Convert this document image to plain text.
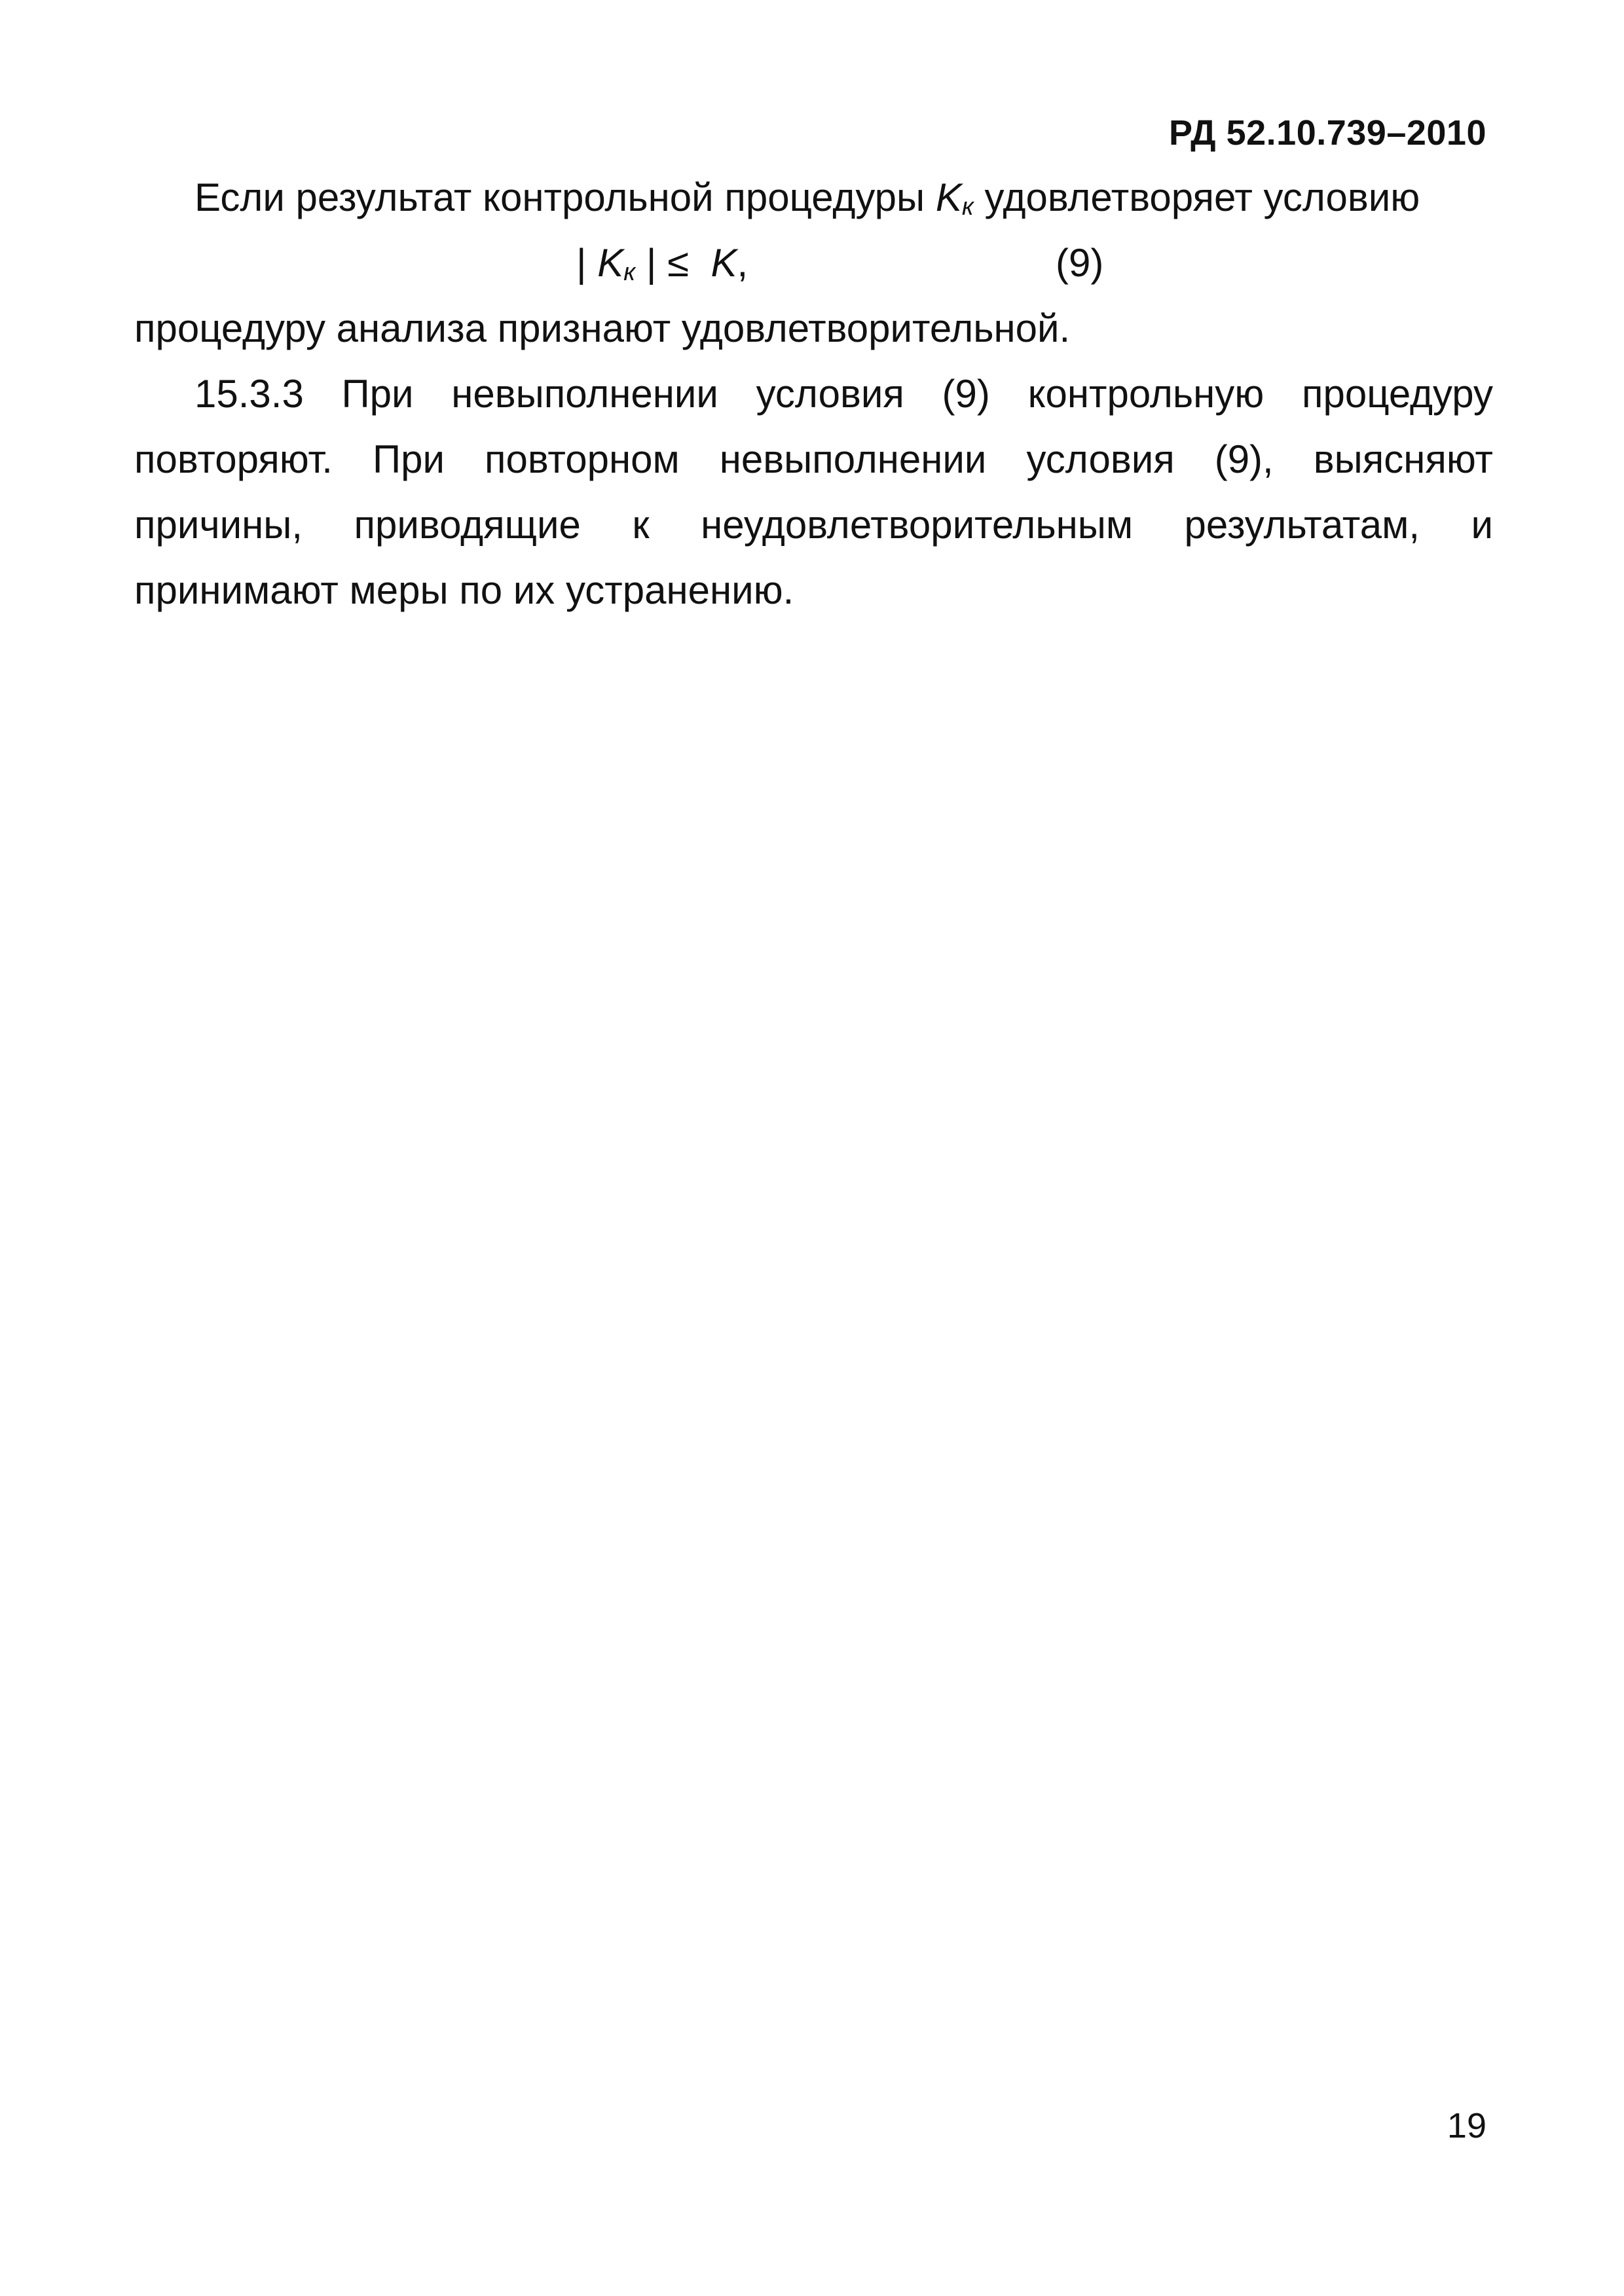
РД 52.10.739–2010

Если результат контрольной процедуры $K_к$ удовлетворяет условию

| $K_к$ | ≤  K,	(9)

процедуру анализа признают удовлетворительной.

15.3.3 При невыполнении условия (9) контрольную процедуру повторяют. При повторном невыполнении условия (9), выясняют причины, приводящие к неудовлетворительным результатам, и принимают меры по их устранению.

19
